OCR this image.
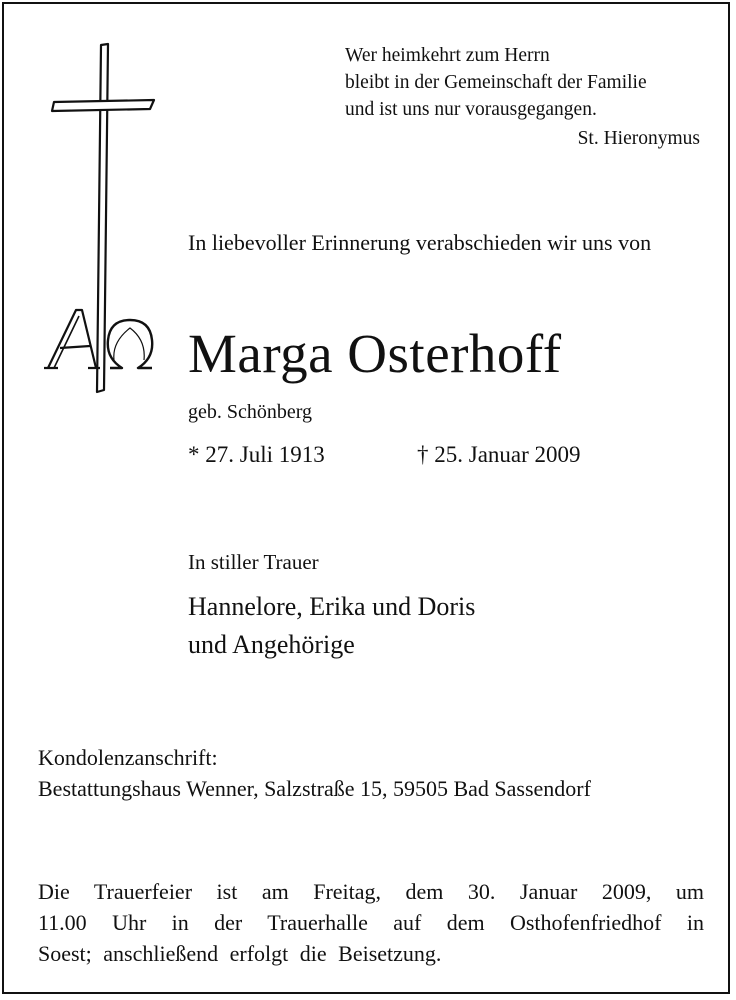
Wer heimkehrt zum Herrn
bleibt in der Gemeinschaft der Familie
und ist uns nur vorausgegangen.
St. Hieronymus
In liebevoller Erinnerung verabschieden wir uns von
Marga Osterhoff
geb. Schönberg
* 27. Juli 1913	† 25. Januar 2009
In stiller Trauer
Hannelore, Erika und Doris
und Angehörige
Kondolenzanschrift:
Bestattungshaus Wenner, Salzstraße 15, 59505 Bad Sassendorf
Die Trauerfeier ist am Freitag, dem 30. Januar 2009, um
11.00 Uhr in der Trauerhalle auf dem Osthofenfriedhof in
Soest; anschließend erfolgt die Beisetzung.
